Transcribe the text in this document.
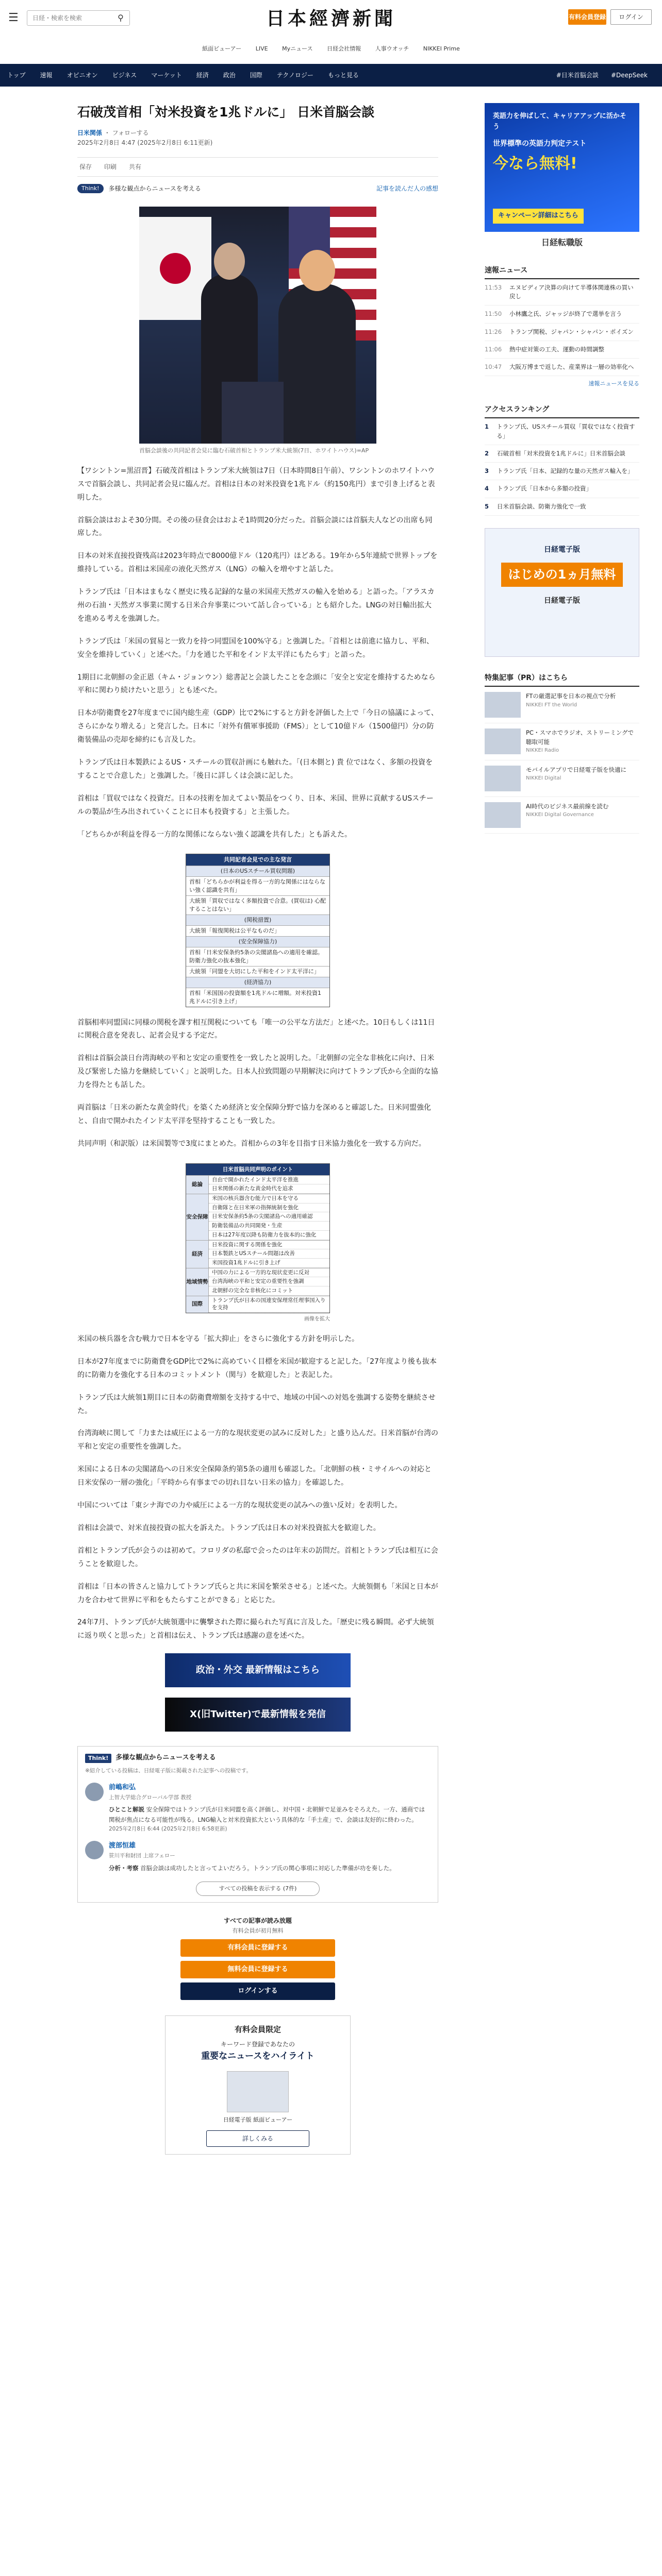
☰
日経・検索を検索	⚲	日本經濟新聞	有料会員登録	ログイン
紙面ビューアー	LIVE	Myニュース	日経会社情報	人事ウオッチ	NIKKEI Prime
トップ 速報 オピニオン ビジネス マーケット 経済 政治 国際 テクノロジー もっと見る	#日米首脳会談 #DeepSeek
石破茂首相「対米投資を1兆ドルに」 日米首脳会談
日米関係 ・ フォローする
2025年2月8日 4:47 (2025年2月8日 6:11更新)
保存 印刷 共有
Think!	多様な観点からニュースを考える	記事を読んだ人の感想
首脳会談後の共同記者会見に臨む石破首相とトランプ米大統領(7日、ホワイトハウス)=AP

【ワシントン=黒沼晋】石破茂首相はトランプ米大統領は7日（日本時間8日午前）、ワシントンのホワイトハウスで首脳会談し、共同記者会見に臨んだ。首相は日本の対米投資を1兆ドル（約150兆円）まで引き上げると表明した。

首脳会談はおよそ30分間。その後の昼食会はおよそ1時間20分だった。首脳会談には首脳夫人などの出席も同席した。

日本の対米直接投資残高は2023年時点で8000億ドル（120兆円）ほどある。19年から5年連続で世界トップを維持している。首相は米国産の液化天然ガス（LNG）の輸入を増やすと話した。

トランプ氏は「日本はまもなく歴史に残る記録的な量の米国産天然ガスの輸入を始める」と語った。「アラスカ州の石油・天然ガス事業に関する日米合弁事業について話し合っている」とも紹介した。LNGの対日輸出拡大を進める考えを強調した。

トランプ氏は「米国の貿易と一致力を持つ同盟国を100%守る」と強調した。「首相とは前進に協力し、平和、安全を維持していく」と述べた。「力を通じた平和をインド太平洋にもたらす」と語った。

1期目に北朝鮮の金正恩（キム・ジョンウン）総書記と会談したことを念頭に「安全と安定を維持するためなら平和に関わり続けたいと思う」とも述べた。

日本が防衛費を27年度までに国内総生産（GDP）比で2%にすると方針を評価した上で「今日の協議によって、さらにかなり増える」と発言した。日本に「対外有償軍事援助（FMS）」として10億ドル（1500億円）分の防衛装備品の売却を締約にも言及した。

トランプ氏は日本製鉄によるUS・スチールの買収計画にも触れた。「(日本側と) 貴 位ではなく、多額の投資をすることで合意した」と強調した。「後日に詳しくは会談に記した。

首相は「買収ではなく投資だ。日本の技術を加えてよい製品をつくり、日本、米国、世界に貢献するUSスチールの製品が生み出されていくことに日本も投資する」と主張した。

「どちらかが利益を得る一方的な関係にならない強く認識を共有した」とも訴えた。

共同記者会見での主な発言
(日本のUSスチール買収問題)
首相「どちらかが利益を得る一方的な関係にはならない強く認識を共有」
大統領「買収ではなく多額投資で合意。(買収は) 心配することはない」
(関税措置)
大統領「報復関税は公平なものだ」
(安全保障協力)
首相「日米安保条約5条の尖閣諸島への適用を確認。防衛力強化の抜本強化」
大統領「同盟を大切にした平和をインド太平洋に」
(経済協力)
首相「米国国の投資額を1兆ドルに増額。対米投資1兆ドルに引き上げ」

首脳相率同盟国に同様の関税を課す相互関税についても「唯一の公平な方法だ」と述べた。10日もしくは11日に関税合意を発表し、記者会見する予定だ。

首相は首脳会談日台湾海峡の平和と安定の重要性を一致したと説明した。「北朝鮮の完全な非核化に向け、日米及び緊密した協力を継続していく」と説明した。日本人拉致問題の早期解決に向けてトランプ氏から全面的な協力を得たとも話した。

両首脳は「日米の新たな黄金時代」を築くため経済と安全保障分野で協力を深めると確認した。日米同盟強化と、自由で開かれたインド太平洋を堅持することも一致した。

共同声明（和訳版）は米国製等で3度にまとめた。首相からの3年を目指す日米協力強化を一致する方向だ。

日米首脳共同声明のポイント
総論
自由で開かれたインド太平洋を推進
日米関係の新たな黄金時代を追求
安全保障
米国の核兵器含む能力で日本を守る
自衛隊と在日米軍の指揮統制を強化
日米安保条約5条の尖閣諸島への適用確認
防衛装備品の共同開発・生産
日本は27年度以降も防衛力を抜本的に強化
経済
日米投資に関する関係を強化
日本製鉄とUSスチール問題は改善
米国投資1兆ドルに引き上げ
地域情勢
中国の力による一方的な現状変更に反対
台湾海峡の平和と安定の重要性を強調
北朝鮮の完全な非核化にコミット
国際
トランプ氏が日本の国連安保理常任理事国入りを支持
画像を拡大

米国の核兵器を含む戦力で日本を守る「拡大抑止」をさらに強化する方針を明示した。

日本が27年度までに防衛費をGDP比で2%に高めていく目標を米国が歓迎すると記した。「27年度より後も抜本的に防衛力を強化する日本のコミットメント（関与）を歓迎した」と表記した。

トランプ氏は大統領1期目に日本の防衛費増額を支持する中で、地域の中国への対処を強調する姿勢を継続させた。

台湾海峡に関して「力または威圧による一方的な現状変更の試みに反対した」と盛り込んだ。日米首脳が台湾の平和と安定の重要性を強調した。

米国による日本の尖閣諸島への日米安全保障条約第5条の適用も確認した。「北朝鮮の核・ミサイルへの対応と日米安保の一層の強化」「平時から有事までの切れ目ない日米の協力」を確認した。

中国については「東シナ海での力や威圧による一方的な現状変更の試みへの強い反対」を表明した。

首相は会談で、対米直接投資の拡大を訴えた。トランプ氏は日本の対米投資拡大を歓迎した。

首相とトランプ氏が会うのは初めて。フロリダの私邸で会ったのは年末の訪問だ。首相とトランプ氏は相互に会うことを歓迎した。

首相は「日本の皆さんと協力してトランプ氏らと共に米国を繁栄させる」と述べた。大統領側も「米国と日本が力を合わせて世界に平和をもたらすことができる」と応じた。

24年7月、トランプ氏が大統領選中に襲撃された際に撮られた写真に言及した。「歴史に残る瞬間。必ず大統領に返り咲くと思った」と首相は伝え、トランプ氏は感謝の意を述べた。

政治・外交 最新情報はこちら
X(旧Twitter)で最新情報を発信
Think!	多様な観点からニュースを考える
※紹介している投稿は、日経電子版に掲載された記事への投稿です。
前嶋和弘
上智大学総合グローバル学部 教授
ひとこと解説 安全保障ではトランプ氏が日米同盟を高く評価し、対中国・北朝鮮で足並みをそろえた。一方、通商では関税が焦点になる可能性が残る。LNG輸入と対米投資拡大という具体的な「手土産」で、会談は友好的に終わった。
2025年2月8日 6:44 (2025年2月8日 6:58更新)
渡部恒雄
笹川平和財団 上席フェロー
分析・考察 首脳会談は成功したと言ってよいだろう。トランプ氏の関心事項に対応した準備が功を奏した。
すべての投稿を表示する (7件)
すべての記事が読み放題
有料会員が初月無料
有料会員に登録する
無料会員に登録する
ログインする
有料会員限定
キーワード登録であなたの
重要なニュースをハイライト
日経電子版 紙面ビューアー
詳しくみる
英語力を伸ばして、キャリアアップに活かそう
世界標準の英語力判定テスト
今なら無料!
キャンペーン詳細はこちら
日経転職版
速報ニュース
11:53	エヌビディア決算の向けて半導体関連株の買い戻し
11:50	小林鷹之氏、ジャッジが終了で選挙を言う
11:26	トランプ関税、ジャパン・シャパン・ポイズン
11:06	熱中症対策の工夫、運動の時間調整
10:47	大阪万博まで返した、産業界は一層の効率化へ
速報ニュースを見る
アクセスランキング
1	トランプ氏、USスチール買収「買収ではなく投資する」
2	石破首相「対米投資を1兆ドルに」日米首脳会談
3	トランプ氏「日本、記録的な量の天然ガス輸入を」
4	トランプ氏「日本から多額の投資」
5	日米首脳会談、防衛力強化で一致
日経電子版
はじめの1ヵ月無料
日経電子版
特集記事（PR）はこちら
FTの厳選記事を日本の視点で分析
NIKKEI FT the World
PC・スマホでラジオ、ストリーミングで聴取可能
NIKKEI Radio
モバイルアプリで日経電子版を快適に
NIKKEI Digital
AI時代のビジネス最前線を読む
NIKKEI Digital Governance
